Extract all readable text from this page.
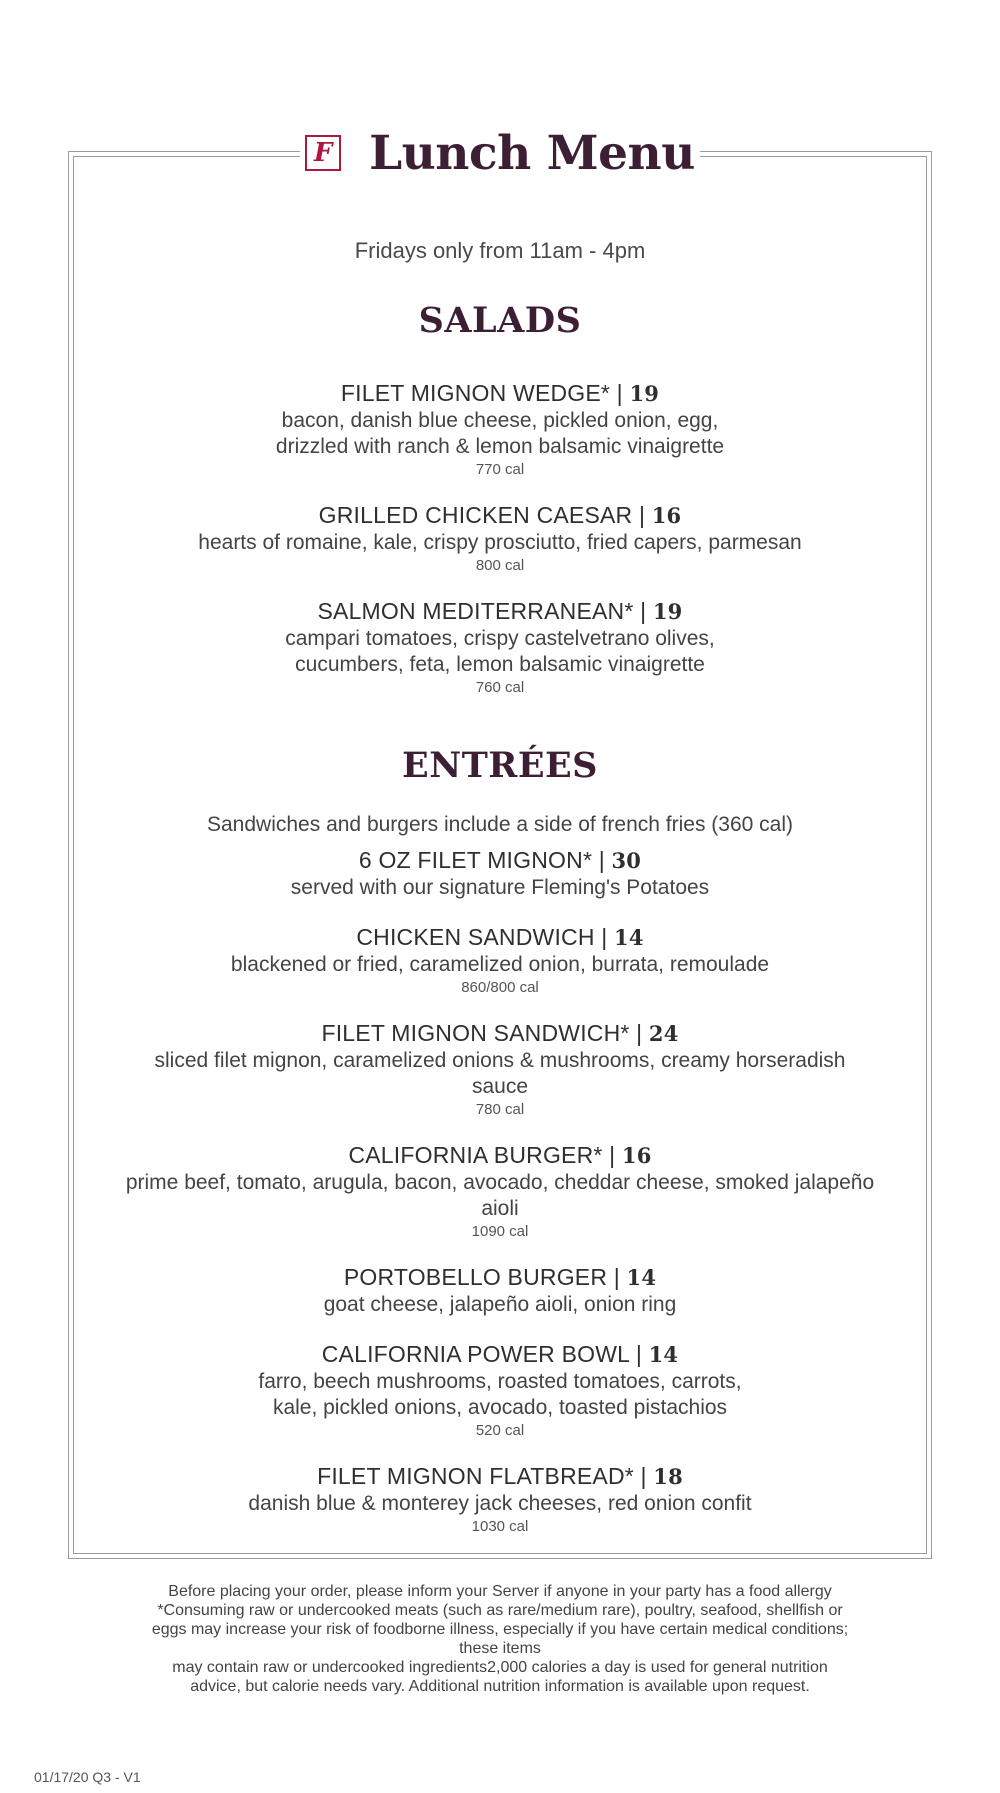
F Lunch Menu
Fridays only from 11am - 4pm
SALADS
FILET MIGNON WEDGE* | 19
bacon, danish blue cheese, pickled onion, egg,
drizzled with ranch & lemon balsamic vinaigrette
770 cal
GRILLED CHICKEN CAESAR | 16
hearts of romaine, kale, crispy prosciutto, fried capers, parmesan
800 cal
SALMON MEDITERRANEAN* | 19
campari tomatoes, crispy castelvetrano olives,
cucumbers, feta, lemon balsamic vinaigrette
760 cal
ENTRÉES
Sandwiches and burgers include a side of french fries (360 cal)
6 OZ FILET MIGNON* | 30
served with our signature Fleming's Potatoes
CHICKEN SANDWICH | 14
blackened or fried, caramelized onion, burrata, remoulade
860/800 cal
FILET MIGNON SANDWICH* | 24
sliced filet mignon, caramelized onions & mushrooms, creamy horseradish
sauce
780 cal
CALIFORNIA BURGER* | 16
prime beef, tomato, arugula, bacon, avocado, cheddar cheese, smoked jalapeño
aioli
1090 cal
PORTOBELLO BURGER | 14
goat cheese, jalapeño aioli, onion ring
CALIFORNIA POWER BOWL | 14
farro, beech mushrooms, roasted tomatoes, carrots,
kale, pickled onions, avocado, toasted pistachios
520 cal
FILET MIGNON FLATBREAD* | 18
danish blue & monterey jack cheeses, red onion confit
1030 cal
Before placing your order, please inform your Server if anyone in your party has a food allergy
*Consuming raw or undercooked meats (such as rare/medium rare), poultry, seafood, shellfish or
eggs may increase your risk of foodborne illness, especially if you have certain medical conditions;
these items
may contain raw or undercooked ingredients2,000 calories a day is used for general nutrition
advice, but calorie needs vary. Additional nutrition information is available upon request.
01/17/20 Q3 - V1
